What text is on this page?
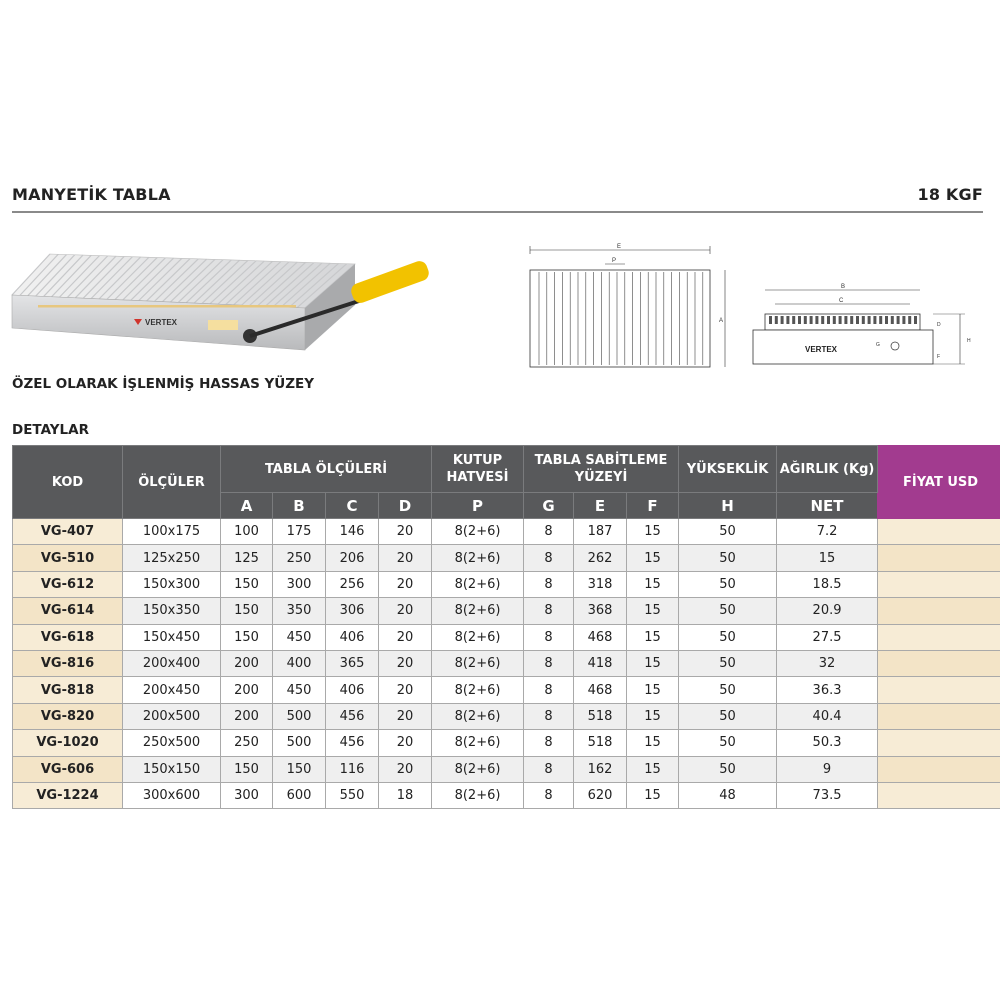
MANYETİK TABLA	18 KGF
VERTEX
ÖZEL OLARAK İŞLENMİŞ HASSAS YÜZEY
E
P
A
B
C
VERTEX	G
D
H
F
DETAYLAR
KOD	ÖLÇÜLER	TABLA ÖLÇÜLERİ				KUTUP HATVESİ	TABLA SABİTLEME YÜZEYİ			YÜKSEKLİK	AĞIRLIK (Kg)	FİYAT USD
		A	B	C	D	P	G	E	F	H	NET	
VG-407	100x175	100	175	146	20	8(2+6)	8	187	15	50	7.2	
VG-510	125x250	125	250	206	20	8(2+6)	8	262	15	50	15	
VG-612	150x300	150	300	256	20	8(2+6)	8	318	15	50	18.5	
VG-614	150x350	150	350	306	20	8(2+6)	8	368	15	50	20.9	
VG-618	150x450	150	450	406	20	8(2+6)	8	468	15	50	27.5	
VG-816	200x400	200	400	365	20	8(2+6)	8	418	15	50	32	
VG-818	200x450	200	450	406	20	8(2+6)	8	468	15	50	36.3	
VG-820	200x500	200	500	456	20	8(2+6)	8	518	15	50	40.4	
VG-1020	250x500	250	500	456	20	8(2+6)	8	518	15	50	50.3	
VG-606	150x150	150	150	116	20	8(2+6)	8	162	15	50	9	
VG-1224	300x600	300	600	550	18	8(2+6)	8	620	15	48	73.5	
